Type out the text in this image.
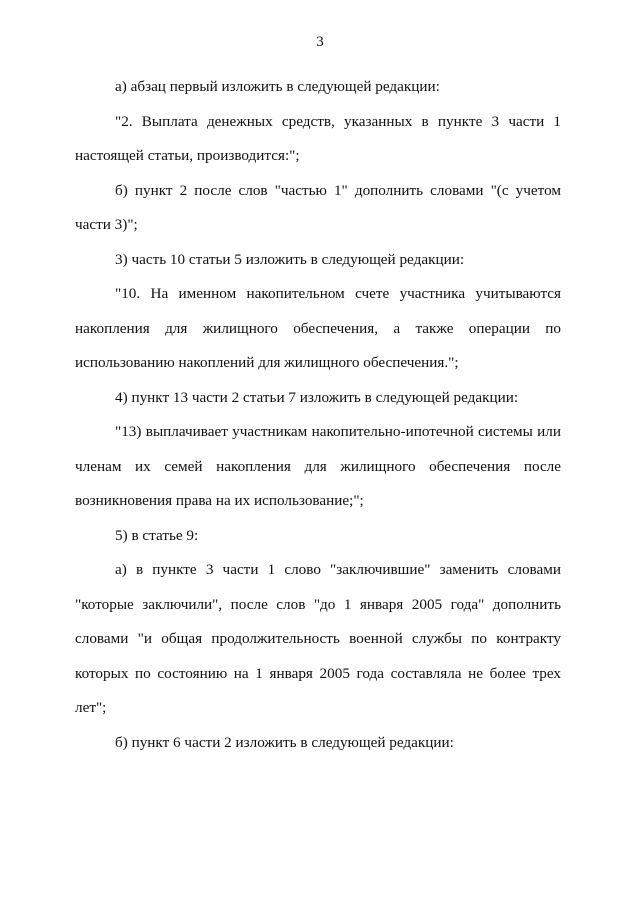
3

а) абзац первый изложить в следующей редакции:

"2. Выплата денежных средств, указанных в пункте 3 части 1 настоящей статьи, производится:";

б) пункт 2 после слов "частью 1" дополнить словами "(с учетом части 3)";

3) часть 10 статьи 5 изложить в следующей редакции:

"10. На именном накопительном счете участника учитываются накопления для жилищного обеспечения, а также операции по использованию накоплений для жилищного обеспечения.";

4) пункт 13 части 2 статьи 7 изложить в следующей редакции:

"13) выплачивает участникам накопительно-ипотечной системы или членам их семей накопления для жилищного обеспечения после возникновения права на их использование;";

5) в статье 9:

а) в пункте 3 части 1 слово "заключившие" заменить словами "которые заключили", после слов "до 1 января 2005 года" дополнить словами "и общая продолжительность военной службы по контракту которых по состоянию на 1 января 2005 года составляла не более трех лет";

б) пункт 6 части 2 изложить в следующей редакции:
